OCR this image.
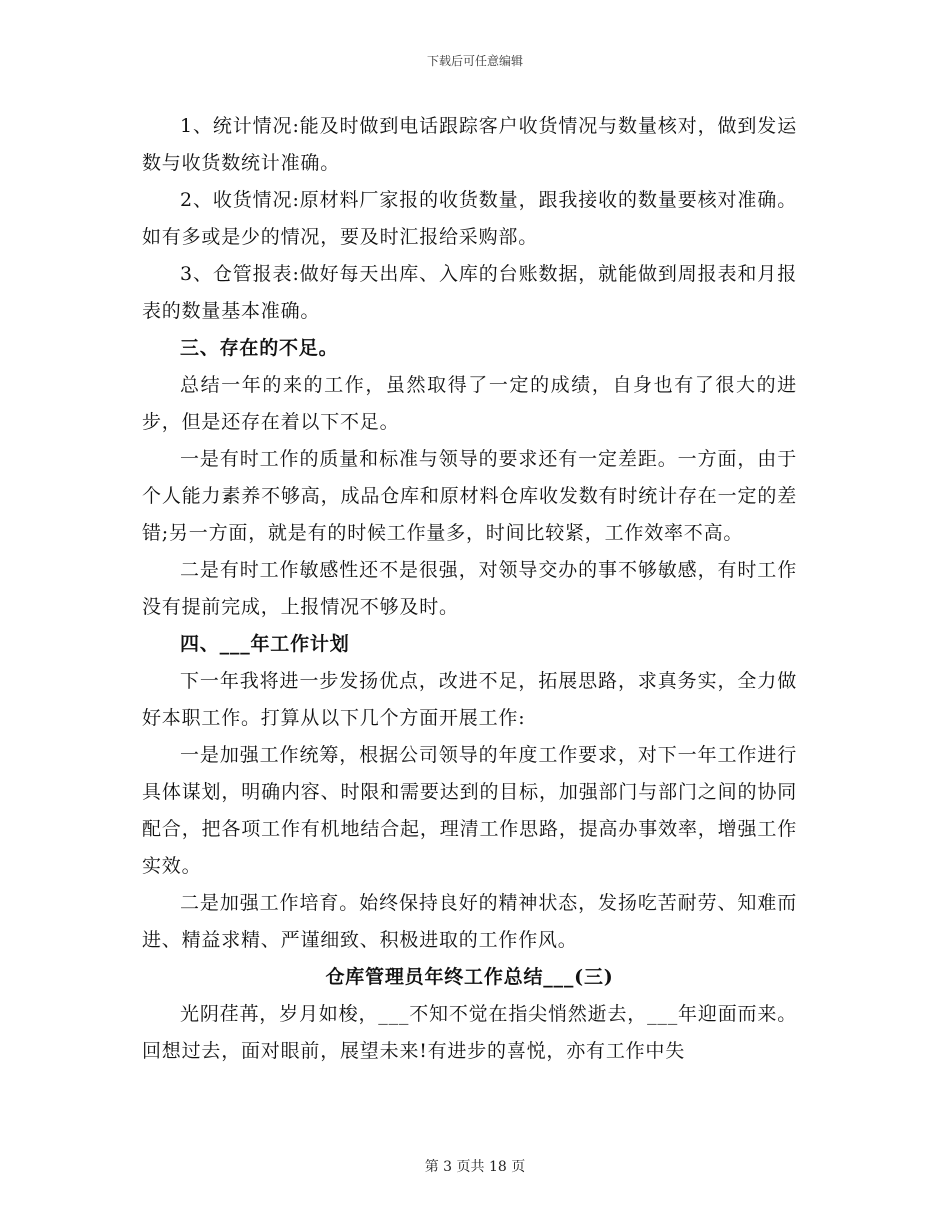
下载后可任意编辑

1、统计情况:能及时做到电话跟踪客户收货情况与数量核对，做到发运数与收货数统计准确。

2、收货情况:原材料厂家报的收货数量，跟我接收的数量要核对准确。如有多或是少的情况，要及时汇报给采购部。

3、仓管报表:做好每天出库、入库的台账数据，就能做到周报表和月报表的数量基本准确。

三、存在的不足。

总结一年的来的工作，虽然取得了一定的成绩，自身也有了很大的进步，但是还存在着以下不足。

一是有时工作的质量和标准与领导的要求还有一定差距。一方面，由于个人能力素养不够高，成品仓库和原材料仓库收发数有时统计存在一定的差错;另一方面，就是有的时候工作量多，时间比较紧，工作效率不高。

二是有时工作敏感性还不是很强，对领导交办的事不够敏感，有时工作没有提前完成，上报情况不够及时。

四、___年工作计划

下一年我将进一步发扬优点，改进不足，拓展思路，求真务实，全力做好本职工作。打算从以下几个方面开展工作:

一是加强工作统筹，根据公司领导的年度工作要求，对下一年工作进行具体谋划，明确内容、时限和需要达到的目标，加强部门与部门之间的协同配合，把各项工作有机地结合起，理清工作思路，提高办事效率，增强工作实效。

二是加强工作培育。始终保持良好的精神状态，发扬吃苦耐劳、知难而进、精益求精、严谨细致、积极进取的工作作风。

仓库管理员年终工作总结___(三)

光阴荏苒，岁月如梭，___不知不觉在指尖悄然逝去，___年迎面而来。回想过去，面对眼前，展望未来!有进步的喜悦，亦有工作中失

第 3 页共 18 页
